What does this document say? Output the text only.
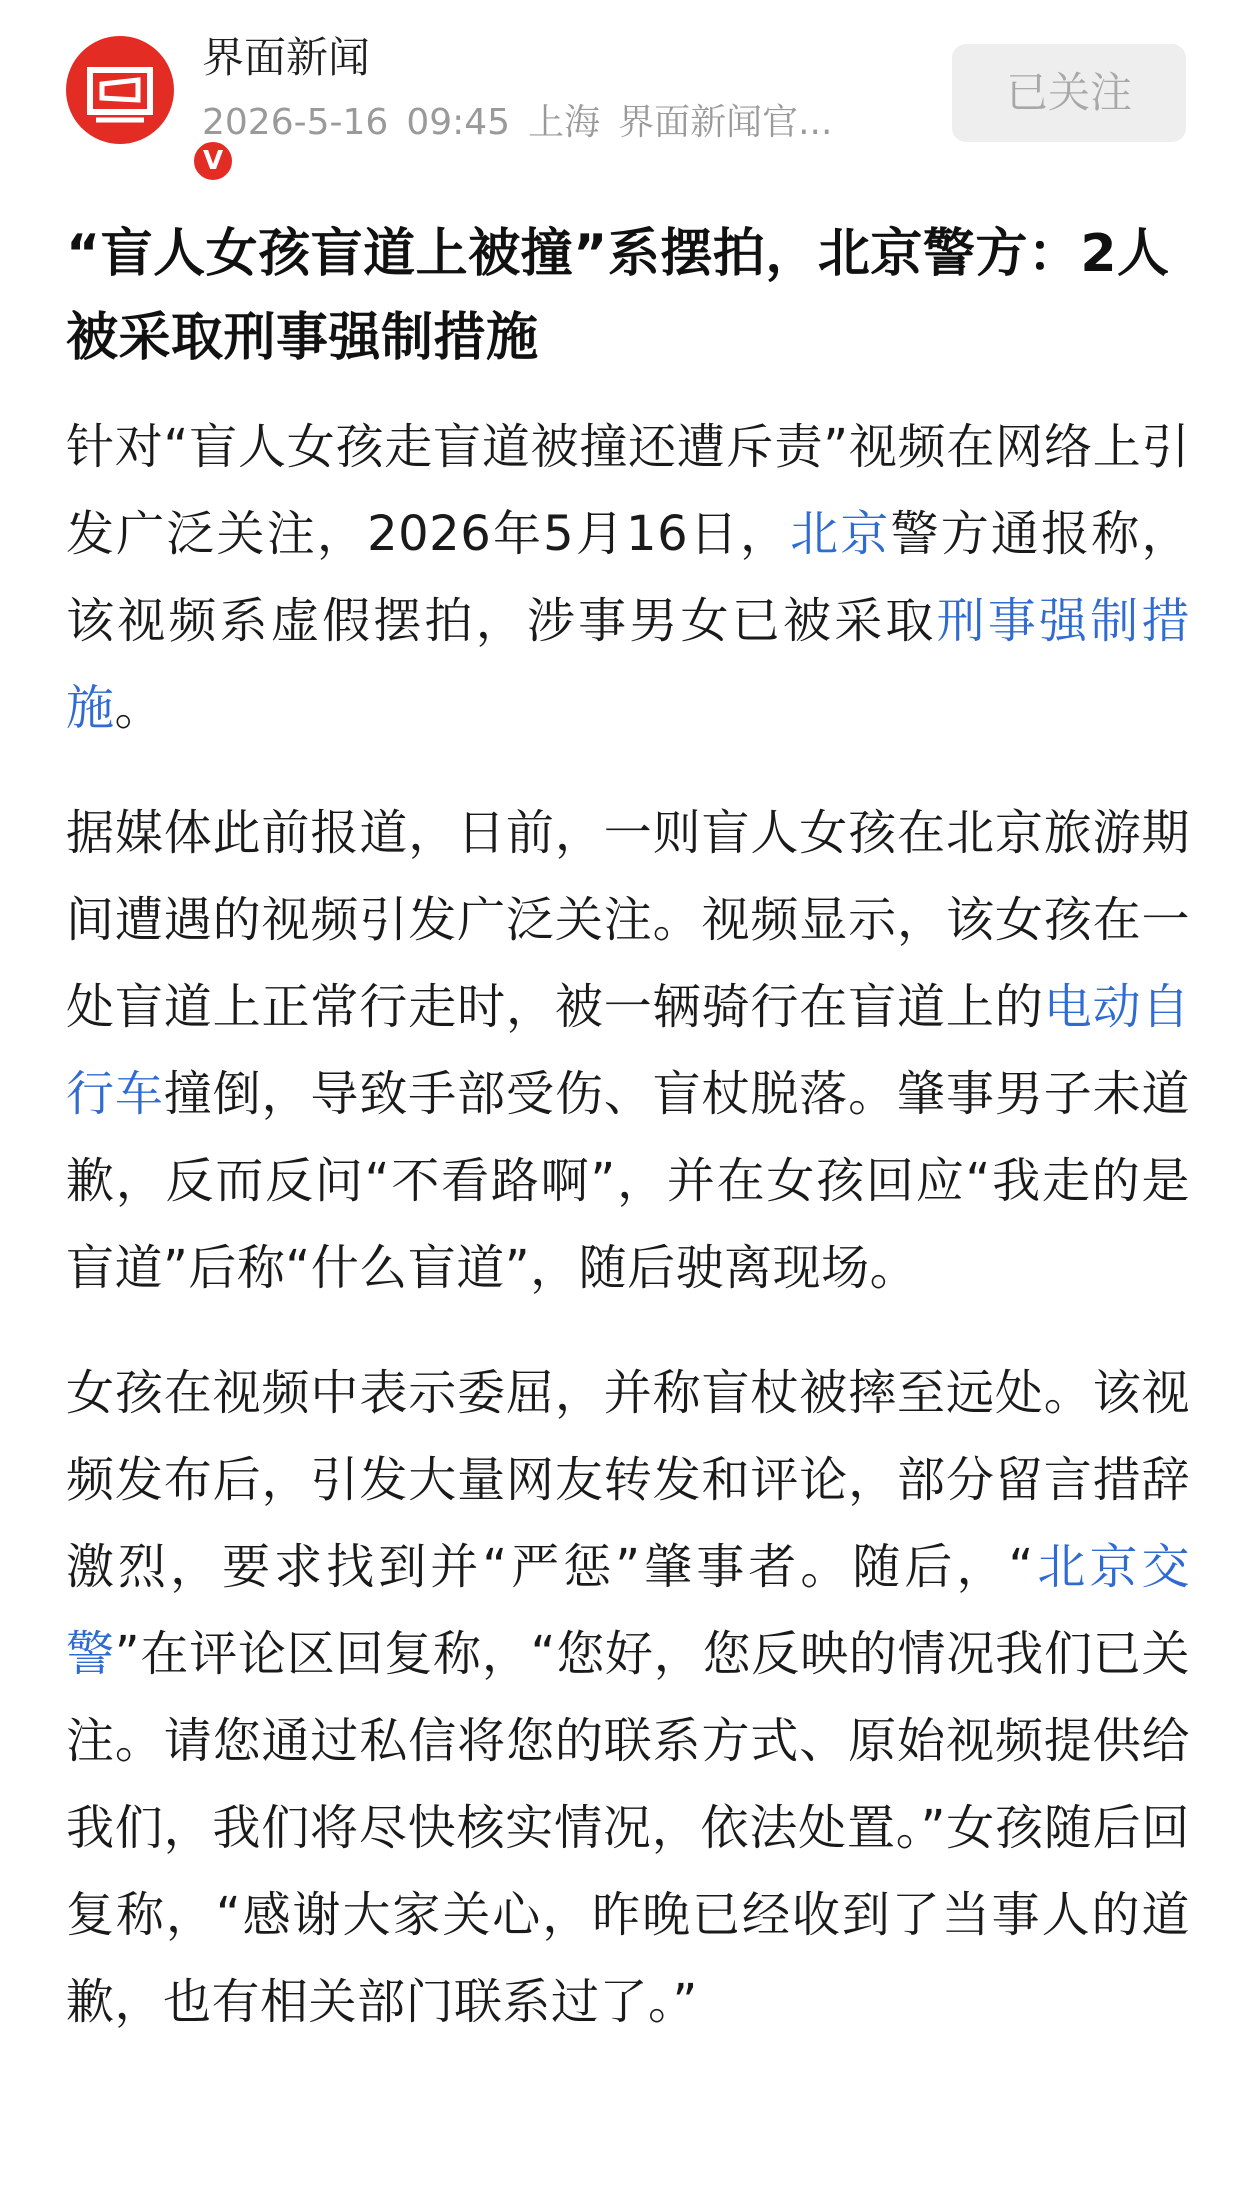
V
界面新闻
2026-5-16 09:45 上海 界面新闻官...
已关注
“盲人女孩盲道上被撞”系摆拍，北京警方：2人被采取刑事强制措施

针对“盲人女孩走盲道被撞还遭斥责”视频在网络上引发广泛关注，2026年5月16日，北京警方通报称，该视频系虚假摆拍，涉事男女已被采取刑事强制措施。

据媒体此前报道，日前，一则盲人女孩在北京旅游期间遭遇的视频引发广泛关注。视频显示，该女孩在一处盲道上正常行走时，被一辆骑行在盲道上的电动自行车撞倒，导致手部受伤、盲杖脱落。肇事男子未道歉，反而反问“不看路啊”，并在女孩回应“我走的是盲道”后称“什么盲道”，随后驶离现场。

女孩在视频中表示委屈，并称盲杖被摔至远处。该视频发布后，引发大量网友转发和评论，部分留言措辞激烈，要求找到并“严惩”肇事者。随后，“北京交警”在评论区回复称，“您好，您反映的情况我们已关注。请您通过私信将您的联系方式、原始视频提供给我们，我们将尽快核实情况，依法处置。”女孩随后回复称，“感谢大家关心，昨晚已经收到了当事人的道歉，也有相关部门联系过了。”
